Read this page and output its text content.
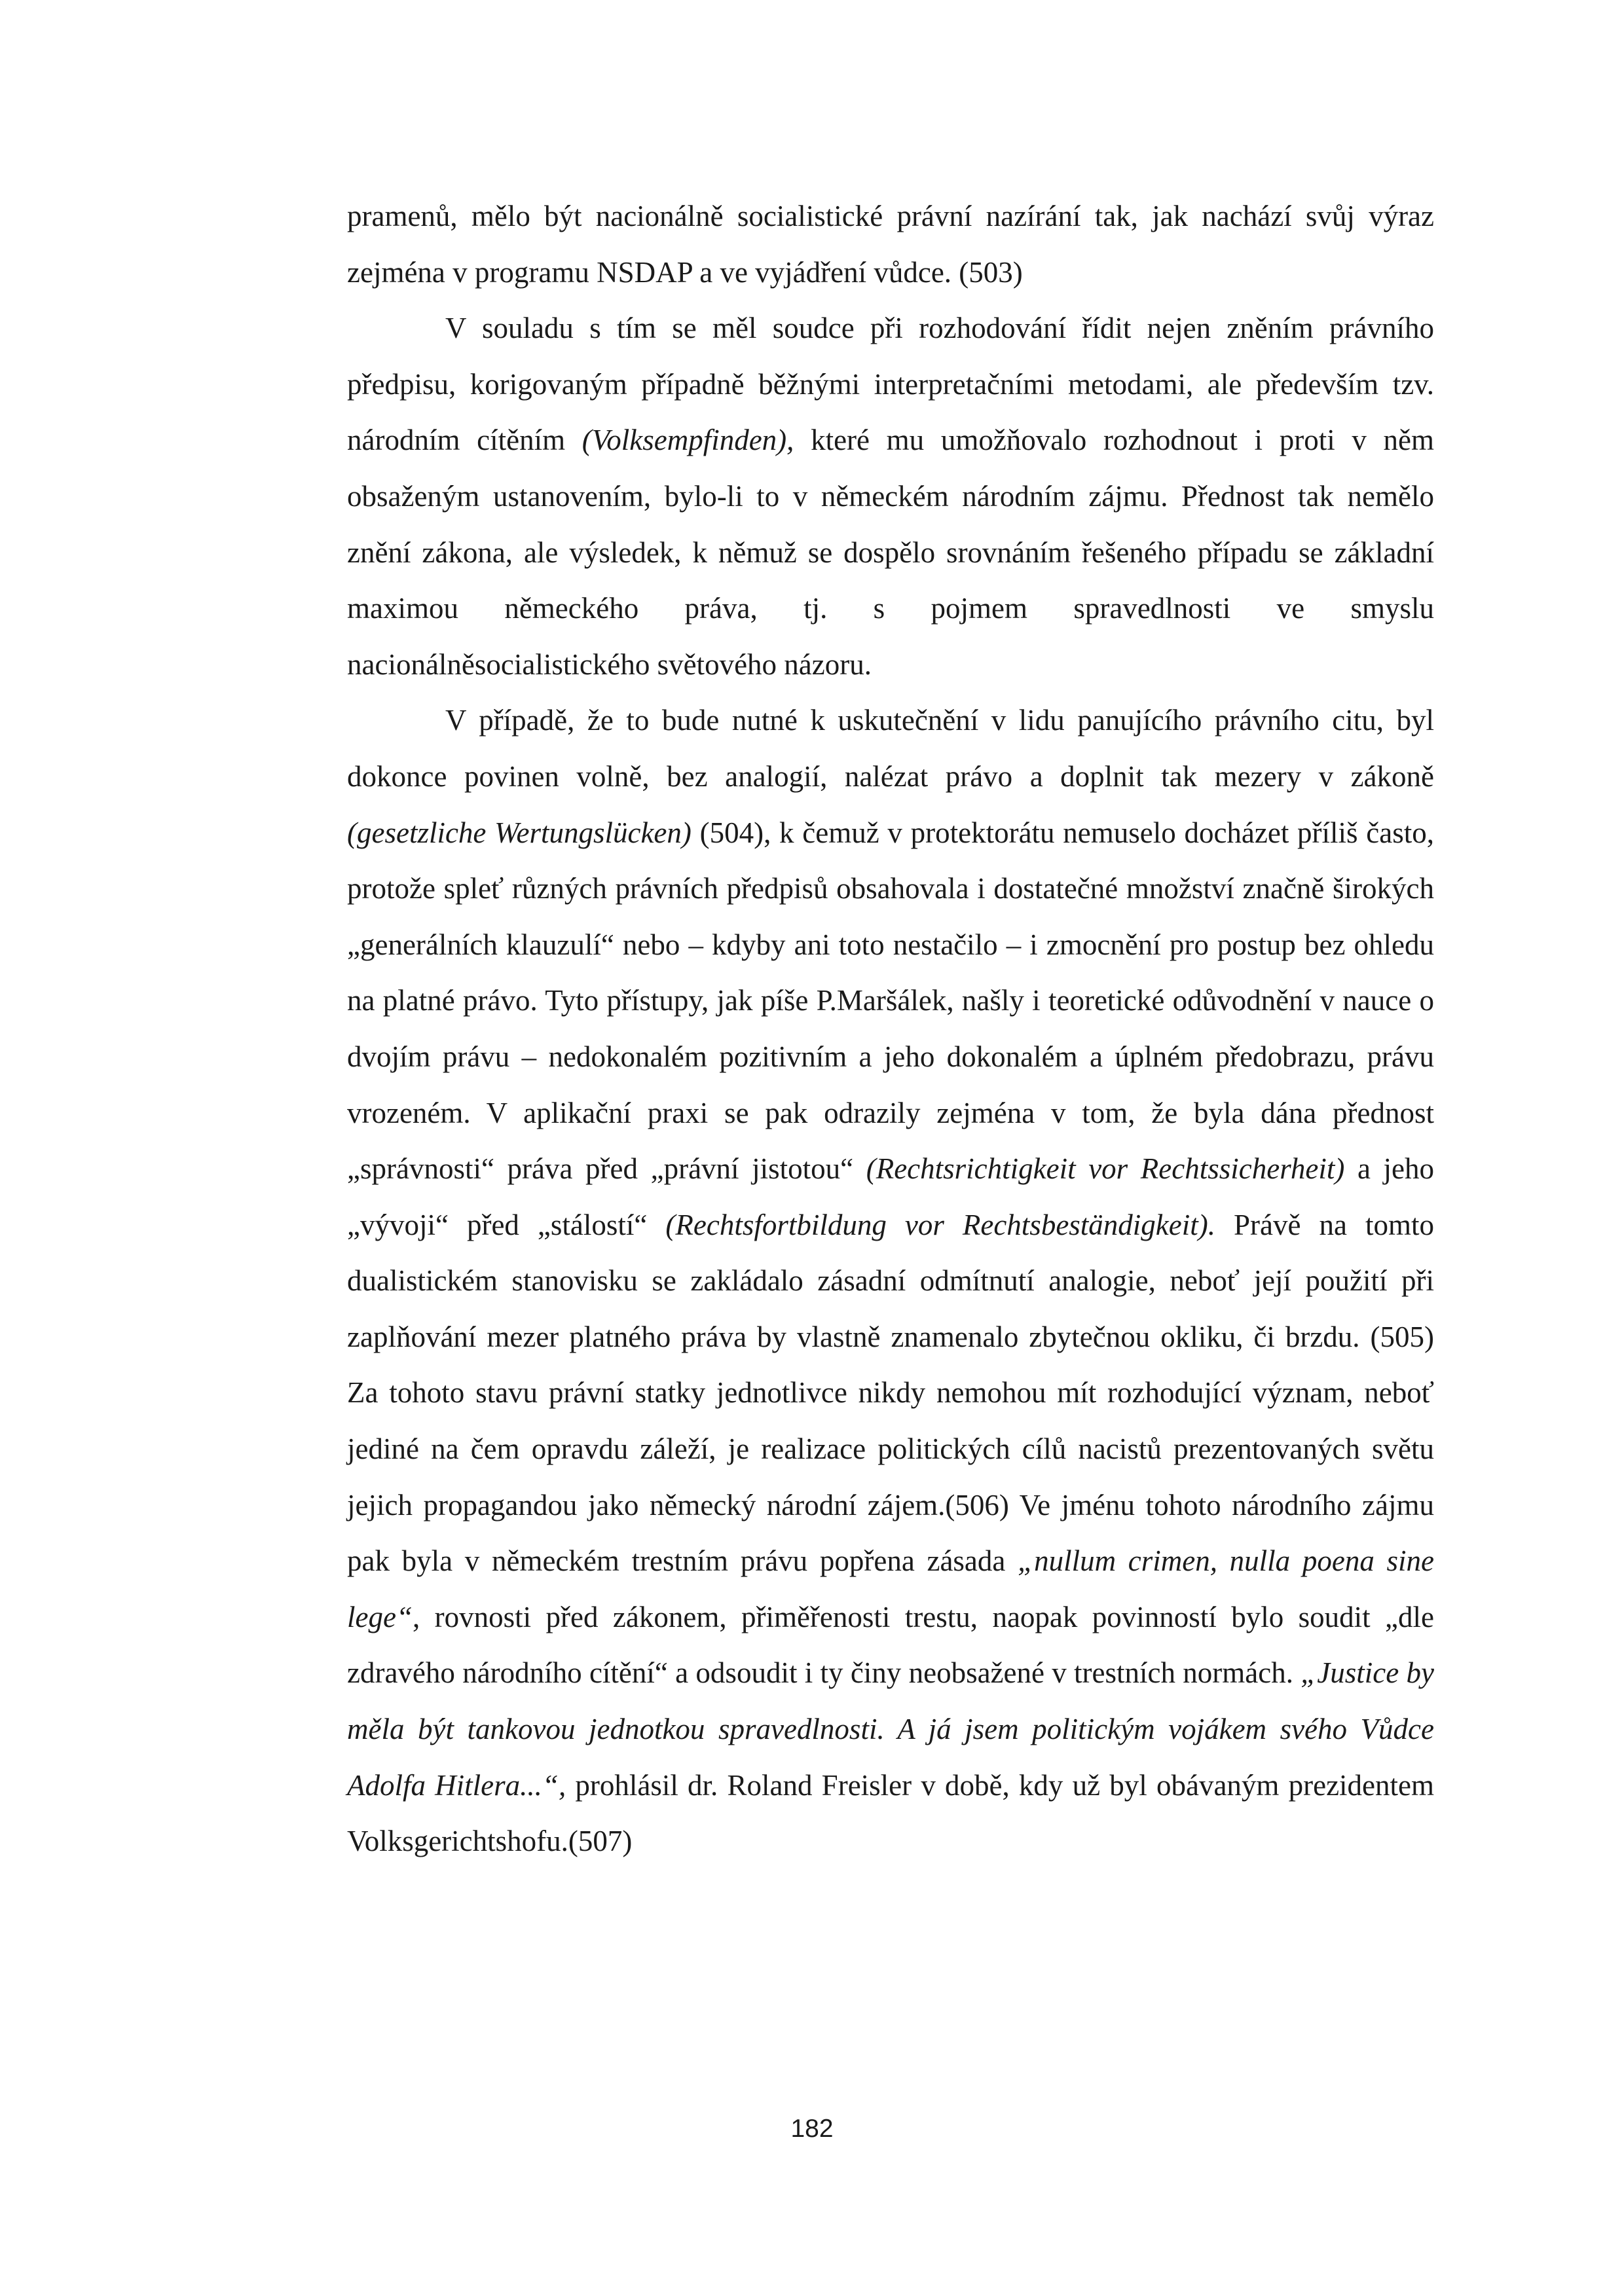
pramenů, mělo být nacionálně socialistické právní nazírání tak, jak nachází svůj výraz zejména v programu NSDAP a ve vyjádření vůdce. (503)

V souladu s tím se měl soudce při rozhodování řídit nejen zněním právního předpisu, korigovaným případně běžnými interpretačními metodami, ale především tzv. národním cítěním (Volksempfinden), které mu umožňovalo rozhodnout i proti v něm obsaženým ustanovením, bylo-li to v německém národním zájmu. Přednost tak nemělo znění zákona, ale výsledek, k němuž se dospělo srovnáním řešeného případu se základní maximou německého práva, tj. s pojmem spravedlnosti ve smyslu nacionálněsocialistického světového názoru.

V případě, že to bude nutné k uskutečnění v lidu panujícího právního citu, byl dokonce povinen volně, bez analogií, nalézat právo a doplnit tak mezery v zákoně (gesetzliche Wertungslücken) (504), k čemuž v protektorátu nemuselo docházet příliš často, protože spleť různých právních předpisů obsahovala i dostatečné množství značně širokých „generálních klauzulí“ nebo – kdyby ani toto nestačilo – i zmocnění pro postup bez ohledu na platné právo. Tyto přístupy, jak píše P.Maršálek, našly i teoretické odůvodnění v nauce o dvojím právu – nedokonalém pozitivním a jeho dokonalém a úplném předobrazu, právu vrozeném. V aplikační praxi se pak odrazily zejména v tom, že byla dána přednost „správnosti“ práva před „právní jistotou“ (Rechtsrichtigkeit vor Rechtssicherheit) a jeho „vývoji“ před „stálostí“ (Rechtsfortbildung vor Rechtsbeständigkeit). Právě na tomto dualistickém stanovisku se zakládalo zásadní odmítnutí analogie, neboť její použití při zaplňování mezer platného práva by vlastně znamenalo zbytečnou okliku, či brzdu. (505) Za tohoto stavu právní statky jednotlivce nikdy nemohou mít rozhodující význam, neboť jediné na čem opravdu záleží, je realizace politických cílů nacistů prezentovaných světu jejich propagandou jako německý národní zájem.(506) Ve jménu tohoto národního zájmu pak byla v německém trestním právu popřena zásada „nullum crimen, nulla poena sine lege“, rovnosti před zákonem, přiměřenosti trestu, naopak povinností bylo soudit „dle zdravého národního cítění“ a odsoudit i ty činy neobsažené v trestních normách. „Justice by měla být tankovou jednotkou spravedlnosti. A já jsem politickým vojákem svého Vůdce Adolfa Hitlera...“, prohlásil dr. Roland Freisler v době, kdy už byl obávaným prezidentem Volksgerichtshofu.(507)

182
